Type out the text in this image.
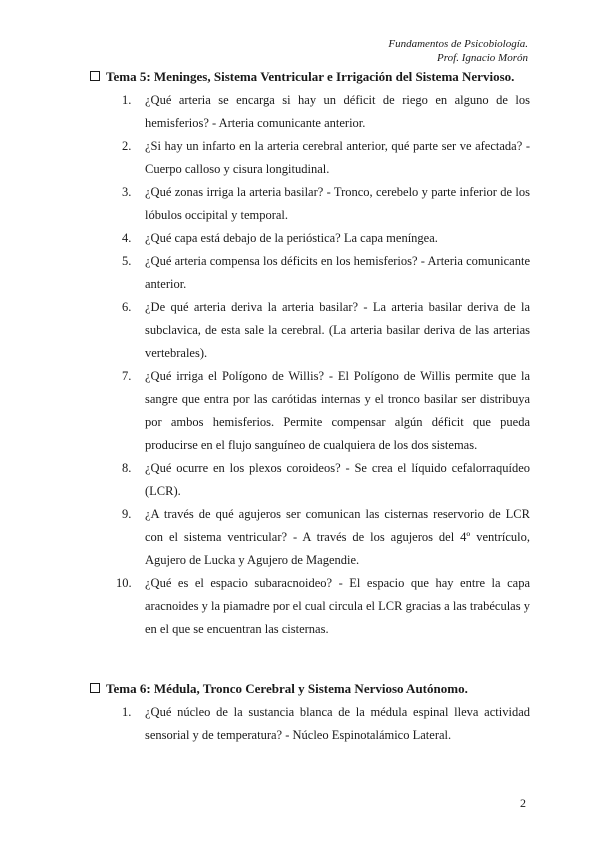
Fundamentos de Psicobiología.
Prof. Ignacio Morón
Tema 5: Meninges, Sistema Ventricular e Irrigación del Sistema Nervioso.
1. ¿Qué arteria se encarga si hay un déficit de riego en alguno de los hemisferios? - Arteria comunicante anterior.
2. ¿Si hay un infarto en la arteria cerebral anterior, qué parte ser ve afectada? - Cuerpo calloso y cisura longitudinal.
3. ¿Qué zonas irriga la arteria basilar? - Tronco, cerebelo y parte inferior de los lóbulos occipital y temporal.
4. ¿Qué capa está debajo de la perióstica? La capa meníngea.
5. ¿Qué arteria compensa los déficits en los hemisferios? - Arteria comunicante anterior.
6. ¿De qué arteria deriva la arteria basilar? - La arteria basilar deriva de la subclavica, de esta sale la cerebral. (La arteria basilar deriva de las arterias vertebrales).
7. ¿Qué irriga el Polígono de Willis? - El Polígono de Willis permite que la sangre que entra por las carótidas internas y el tronco basilar ser distribuya por ambos hemisferios. Permite compensar algún déficit que pueda producirse en el flujo sanguíneo de cualquiera de los dos sistemas.
8. ¿Qué ocurre en los plexos coroideos? - Se crea el líquido cefalorraquídeo (LCR).
9. ¿A través de qué agujeros ser comunican las cisternas reservorio de LCR con el sistema ventricular? - A través de los agujeros del 4º ventrículo, Agujero de Lucka y Agujero de Magendie.
10. ¿Qué es el espacio subaracnoideo? - El espacio que hay entre la capa aracnoides y la piamadre por el cual circula el LCR gracias a las trabéculas y en el que se encuentran las cisternas.
Tema 6: Médula, Tronco Cerebral y Sistema Nervioso Autónomo.
1. ¿Qué núcleo de la sustancia blanca de la médula espinal lleva actividad sensorial y de temperatura? - Núcleo Espinotalámico Lateral.
2
